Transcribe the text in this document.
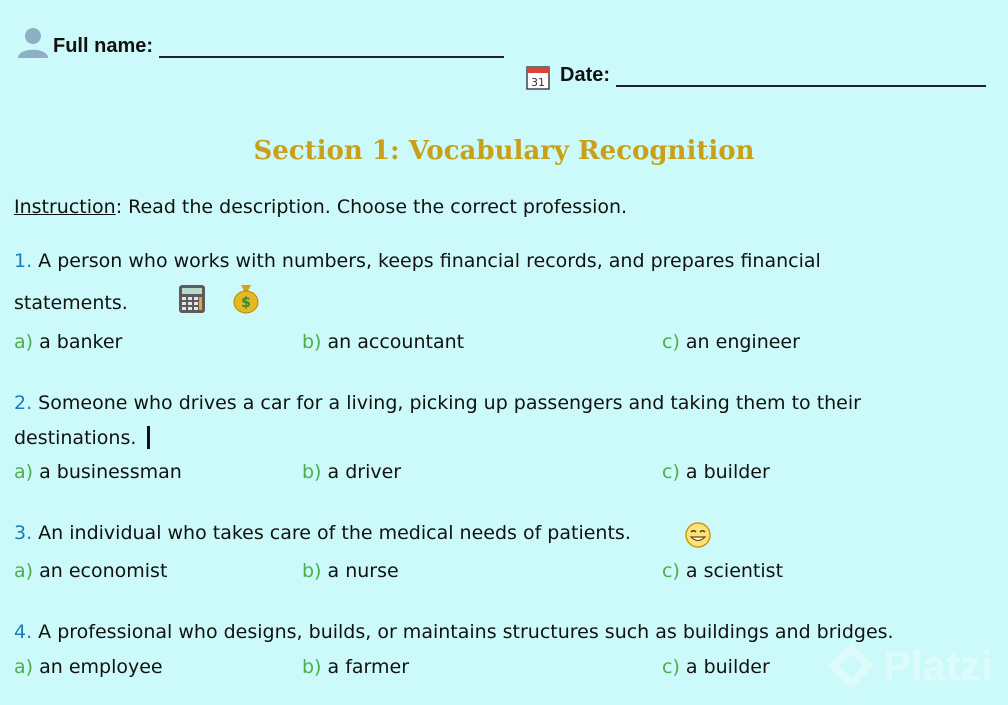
Full name:
31 Date:
Section 1: Vocabulary Recognition
Instruction: Read the description. Choose the correct profession.
1. A person who works with numbers, keeps financial records, and prepares financial
statements.	$
a) a banker	b) an accountant	c) an engineer
2. Someone who drives a car for a living, picking up passengers and taking them to their
destinations.
a) a businessman	b) a driver	c) a builder
3. An individual who takes care of the medical needs of patients.
a) an economist	b) a nurse	c) a scientist
4. A professional who designs, builds, or maintains structures such as buildings and bridges.
a) an employee	b) a farmer	c) a builder	Platzi
